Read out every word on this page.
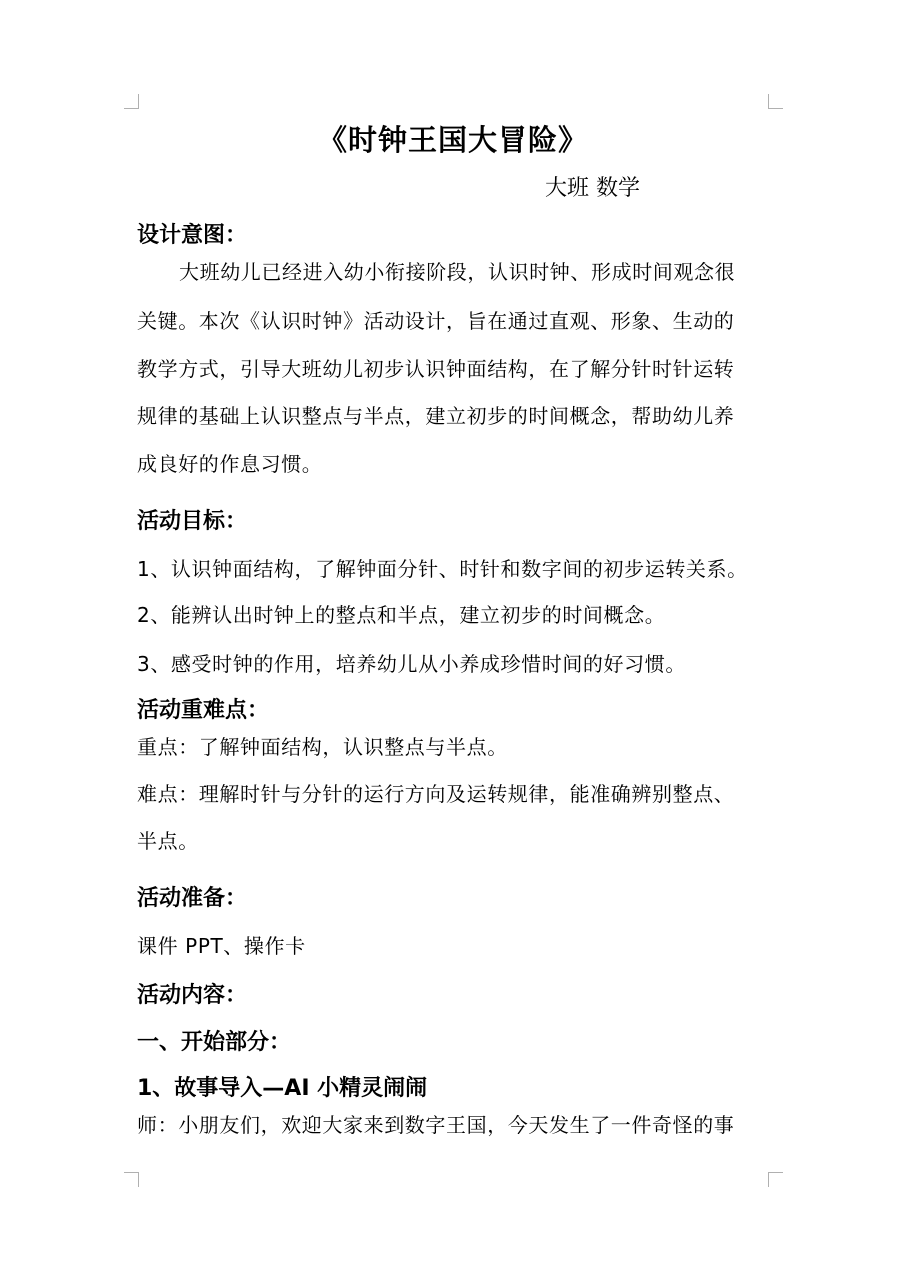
《时钟王国大冒险》
大班 数学
设计意图：
大班幼儿已经进入幼小衔接阶段，认识时钟、形成时间观念很
关键。本次《认识时钟》活动设计，旨在通过直观、形象、生动的
教学方式，引导大班幼儿初步认识钟面结构，在了解分针时针运转
规律的基础上认识整点与半点，建立初步的时间概念，帮助幼儿养
成良好的作息习惯。
活动目标：
1、认识钟面结构，了解钟面分针、时针和数字间的初步运转关系。
2、能辨认出时钟上的整点和半点，建立初步的时间概念。
3、感受时钟的作用，培养幼儿从小养成珍惜时间的好习惯。
活动重难点：
重点：了解钟面结构，认识整点与半点。
难点：理解时针与分针的运行方向及运转规律，能准确辨别整点、
半点。
活动准备：
课件 PPT、操作卡
活动内容：
一、开始部分：
1、故事导入—AI 小精灵闹闹
师：小朋友们，欢迎大家来到数字王国，今天发生了一件奇怪的事
